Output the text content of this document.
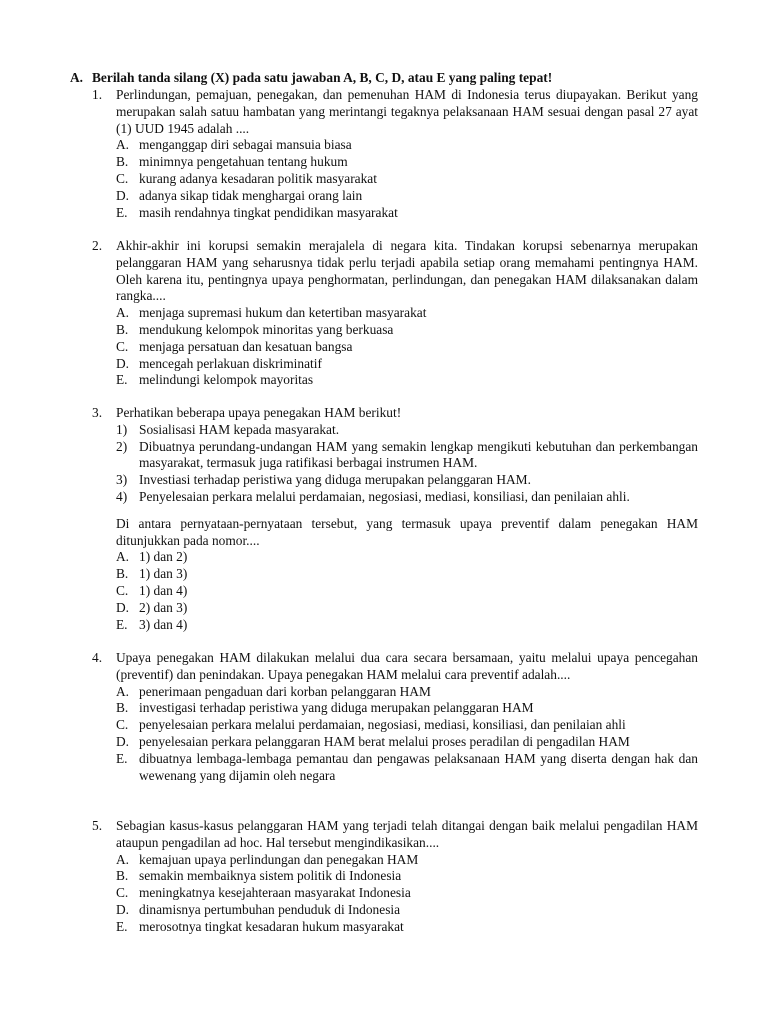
A. Berilah tanda silang (X) pada satu jawaban A, B, C, D, atau E yang paling tepat!
1.	Perlindungan, pemajuan, penegakan, dan pemenuhan HAM di Indonesia terus diupayakan. Berikut yang merupakan salah satuu hambatan yang merintangi tegaknya pelaksanaan HAM sesuai dengan pasal 27 ayat (1) UUD 1945 adalah ....
A. menganggap diri sebagai mansuia biasa
B. minimnya pengetahuan tentang hukum
C. kurang adanya kesadaran politik masyarakat
D. adanya sikap tidak menghargai orang lain
E. masih rendahnya tingkat pendidikan masyarakat
2.	Akhir-akhir ini korupsi semakin merajalela di negara kita. Tindakan korupsi sebenarnya merupakan pelanggaran HAM yang seharusnya tidak perlu terjadi apabila setiap orang memahami pentingnya HAM. Oleh karena itu, pentingnya upaya penghormatan, perlindungan, dan penegakan HAM dilaksanakan dalam rangka....
A. menjaga supremasi hukum dan ketertiban masyarakat
B. mendukung kelompok minoritas yang berkuasa
C. menjaga persatuan dan kesatuan bangsa
D. mencegah perlakuan diskriminatif
E. melindungi kelompok mayoritas
3.	Perhatikan beberapa upaya penegakan HAM berikut!
1) Sosialisasi HAM kepada masyarakat.
2) Dibuatnya perundang-undangan HAM yang semakin lengkap mengikuti kebutuhan dan perkembangan masyarakat, termasuk juga ratifikasi berbagai instrumen HAM.
3) Investiasi terhadap peristiwa yang diduga merupakan pelanggaran HAM.
4) Penyelesaian perkara melalui perdamaian, negosiasi, mediasi, konsiliasi, dan penilaian ahli.
Di antara pernyataan-pernyataan tersebut, yang termasuk upaya preventif dalam penegakan HAM ditunjukkan pada nomor....
A. 1) dan 2)
B. 1) dan 3)
C. 1) dan 4)
D. 2) dan 3)
E. 3) dan 4)
4.	Upaya penegakan HAM dilakukan melalui dua cara secara bersamaan, yaitu melalui upaya pencegahan (preventif) dan penindakan. Upaya penegakan HAM melalui cara preventif adalah....
A. penerimaan pengaduan dari korban pelanggaran HAM
B. investigasi terhadap peristiwa yang diduga merupakan pelanggaran HAM
C. penyelesaian perkara melalui perdamaian, negosiasi, mediasi, konsiliasi, dan penilaian ahli
D. penyelesaian perkara pelanggaran HAM berat melalui proses peradilan di pengadilan HAM
E. dibuatnya lembaga-lembaga pemantau dan pengawas pelaksanaan HAM yang diserta dengan hak dan wewenang yang dijamin oleh negara
5.	Sebagian kasus-kasus pelanggaran HAM yang terjadi telah ditangai dengan baik melalui pengadilan HAM ataupun pengadilan ad hoc. Hal tersebut mengindikasikan....
A. kemajuan upaya perlindungan dan penegakan HAM
B. semakin membaiknya sistem politik di Indonesia
C. meningkatnya kesejahteraan masyarakat Indonesia
D. dinamisnya pertumbuhan penduduk di Indonesia
E. merosotnya tingkat kesadaran hukum masyarakat
